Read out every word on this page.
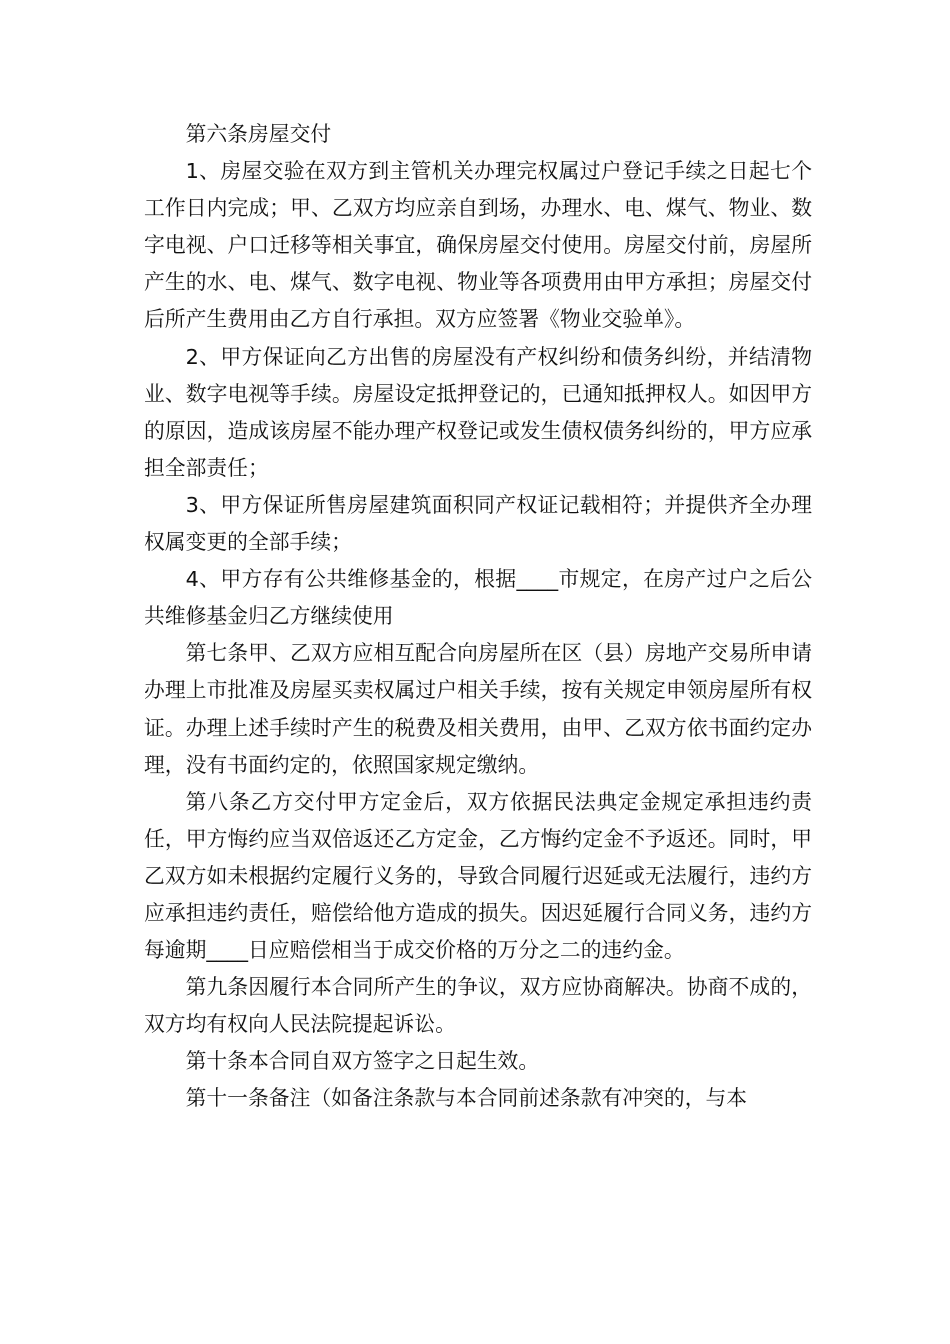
第六条房屋交付

1、房屋交验在双方到主管机关办理完权属过户登记手续之日起七个工作日内完成；甲、乙双方均应亲自到场，办理水、电、煤气、物业、数字电视、户口迁移等相关事宜，确保房屋交付使用。房屋交付前，房屋所产生的水、电、煤气、数字电视、物业等各项费用由甲方承担；房屋交付后所产生费用由乙方自行承担。双方应签署《物业交验单》。

2、甲方保证向乙方出售的房屋没有产权纠纷和债务纠纷，并结清物业、数字电视等手续。房屋设定抵押登记的，已通知抵押权人。如因甲方的原因，造成该房屋不能办理产权登记或发生债权债务纠纷的，甲方应承担全部责任；

3、甲方保证所售房屋建筑面积同产权证记载相符；并提供齐全办理权属变更的全部手续；

4、甲方存有公共维修基金的，根据____市规定，在房产过户之后公共维修基金归乙方继续使用

第七条甲、乙双方应相互配合向房屋所在区（县）房地产交易所申请办理上市批准及房屋买卖权属过户相关手续，按有关规定申领房屋所有权证。办理上述手续时产生的税费及相关费用，由甲、乙双方依书面约定办理，没有书面约定的，依照国家规定缴纳。

第八条乙方交付甲方定金后，双方依据民法典定金规定承担违约责任，甲方悔约应当双倍返还乙方定金，乙方悔约定金不予返还。同时，甲乙双方如未根据约定履行义务的，导致合同履行迟延或无法履行，违约方应承担违约责任，赔偿给他方造成的损失。因迟延履行合同义务，违约方每逾期____日应赔偿相当于成交价格的万分之二的违约金。

第九条因履行本合同所产生的争议，双方应协商解决。协商不成的，双方均有权向人民法院提起诉讼。

第十条本合同自双方签字之日起生效。

第十一条备注（如备注条款与本合同前述条款有冲突的，与本
